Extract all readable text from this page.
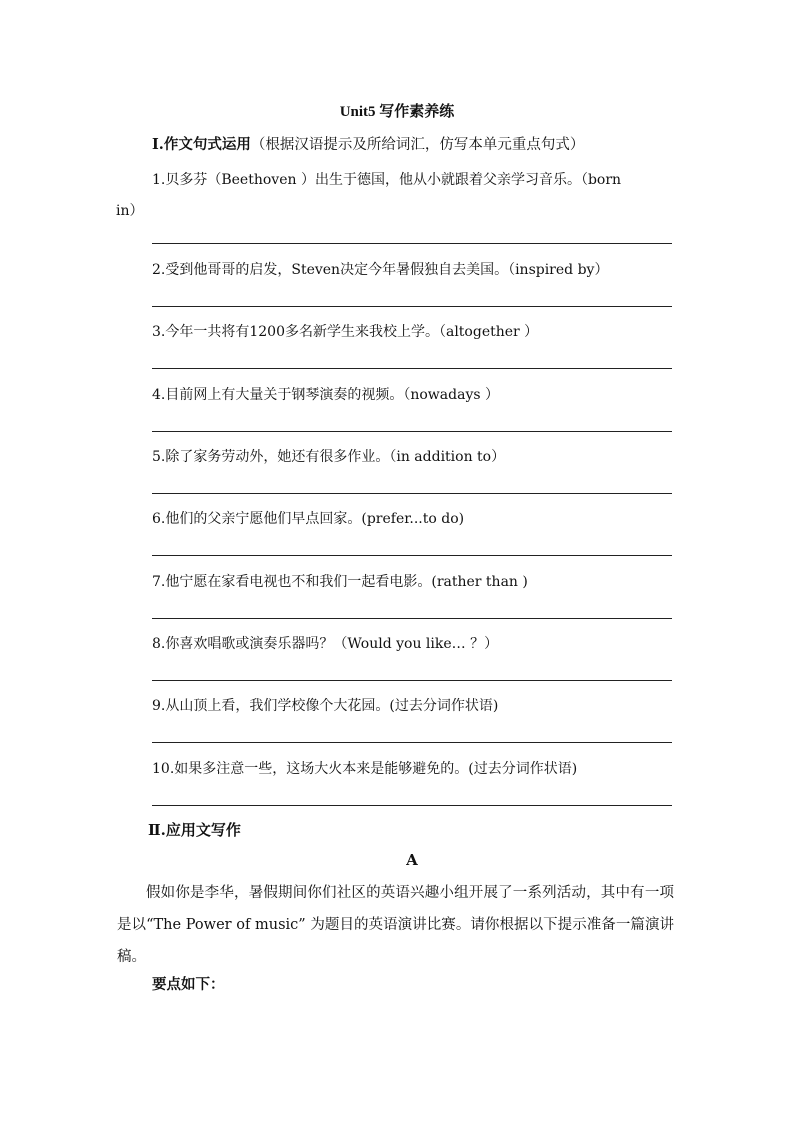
Unit5 写作素养练
I.作文句式运用（根据汉语提示及所给词汇，仿写本单元重点句式）
1.贝多芬（Beethoven ）出生于德国，他从小就跟着父亲学习音乐。（born
in）
2.受到他哥哥的启发，Steven决定今年暑假独自去美国。（inspired by）
3.今年一共将有1200多名新学生来我校上学。（altogether ）
4.目前网上有大量关于钢琴演奏的视频。（nowadays ）
5.除了家务劳动外，她还有很多作业。（in addition to）
6.他们的父亲宁愿他们早点回家。(prefer...to do)
7.他宁愿在家看电视也不和我们一起看电影。(rather than )
8.你喜欢唱歌或演奏乐器吗？（Would you like… ？）
9.从山顶上看，我们学校像个大花园。(过去分词作状语)
10.如果多注意一些，这场大火本来是能够避免的。(过去分词作状语)
Ⅱ.应用文写作
A
假如你是李华，暑假期间你们社区的英语兴趣小组开展了一系列活动，其中有一项是以“The Power of music” 为题目的英语演讲比赛。请你根据以下提示准备一篇演讲稿。
要点如下：
